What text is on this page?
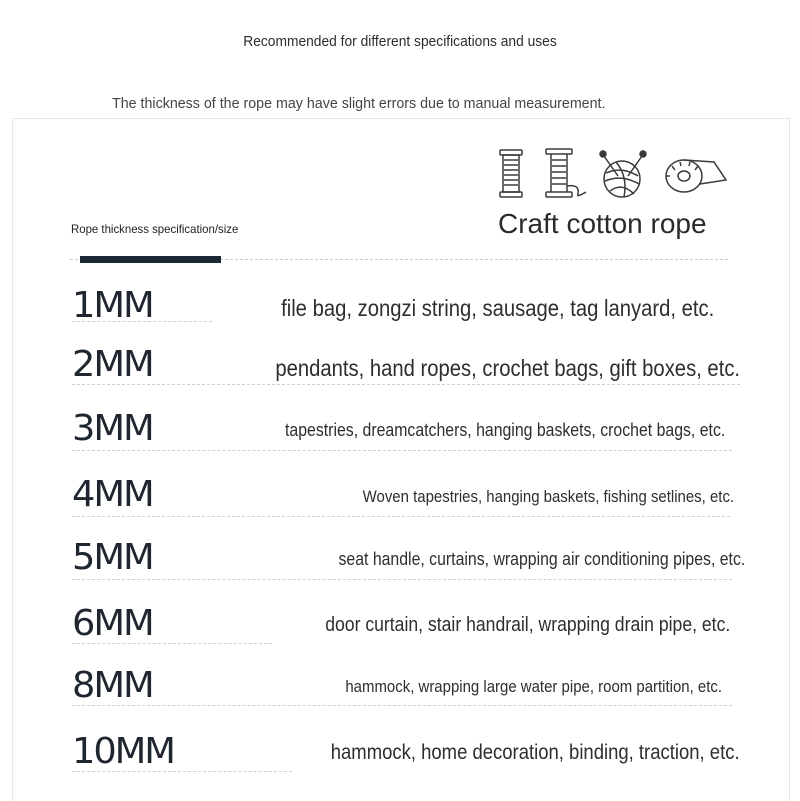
Recommended for different specifications and uses
The thickness of the rope may have slight errors due to manual measurement.
Craft cotton rope
Rope thickness specification/size
1MM	file bag, zongzi string, sausage, tag lanyard, etc.
2MM	pendants, hand ropes, crochet bags, gift boxes, etc.
3MM	tapestries, dreamcatchers, hanging baskets, crochet bags, etc.
4MM	Woven tapestries, hanging baskets, fishing setlines, etc.
5MM	seat handle, curtains, wrapping air conditioning pipes, etc.
6MM	door curtain, stair handrail, wrapping drain pipe, etc.
8MM	hammock, wrapping large water pipe, room partition, etc.
10MM	hammock, home decoration, binding, traction, etc.
